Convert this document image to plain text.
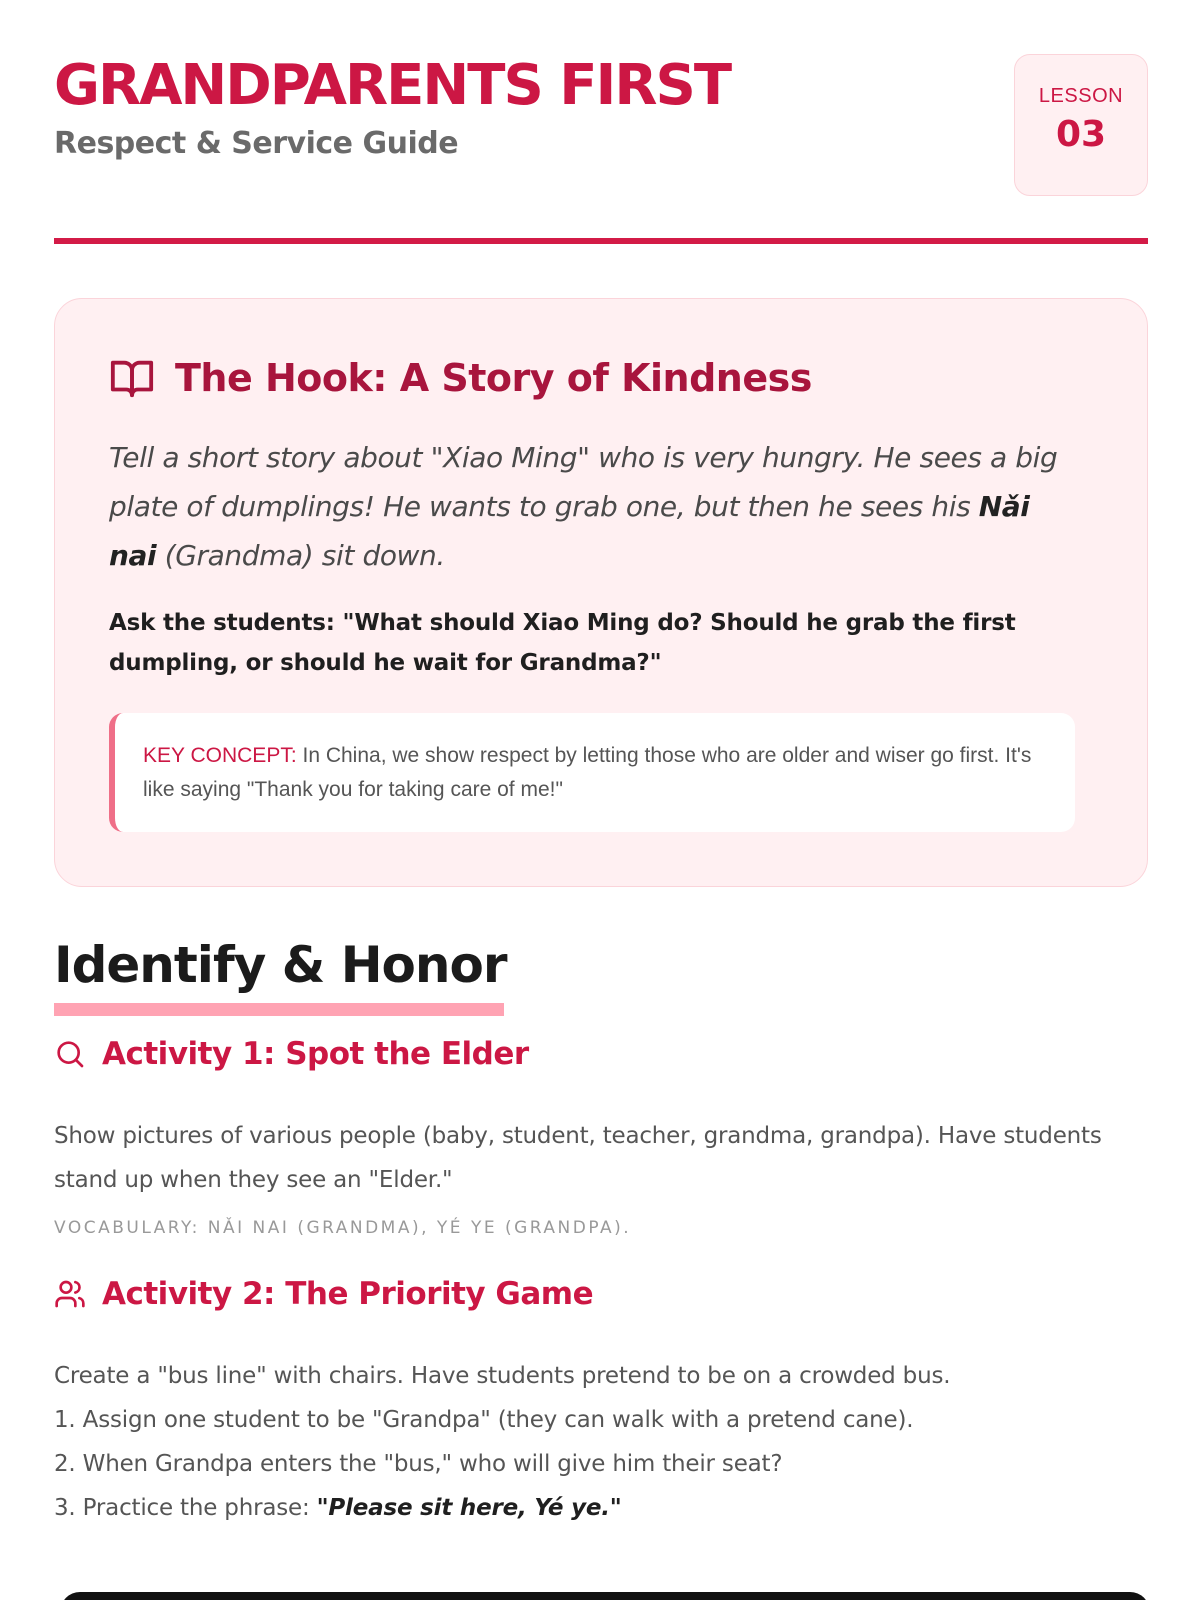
GRANDPARENTS FIRST
Respect & Service Guide
LESSON
03
The Hook: A Story of Kindness

Tell a short story about "Xiao Ming" who is very hungry. He sees a big plate of dumplings! He wants to grab one, but then he sees his Nǎi nai (Grandma) sit down.

Ask the students: "What should Xiao Ming do? Should he grab the first dumpling, or should he wait for Grandma?"

KEY CONCEPT: In China, we show respect by letting those who are older and wiser go first. It's like saying "Thank you for taking care of me!"
Identify & Honor
Activity 1: Spot the Elder

Show pictures of various people (baby, student, teacher, grandma, grandpa). Have students stand up when they see an "Elder."

VOCABULARY: NǍI NAI (GRANDMA), YÉ YE (GRANDPA).
Activity 2: The Priority Game

Create a "bus line" with chairs. Have students pretend to be on a crowded bus.

1. Assign one student to be "Grandpa" (they can walk with a pretend cane).

2. When Grandpa enters the "bus," who will give him their seat?

3. Practice the phrase: "Please sit here, Yé ye."
